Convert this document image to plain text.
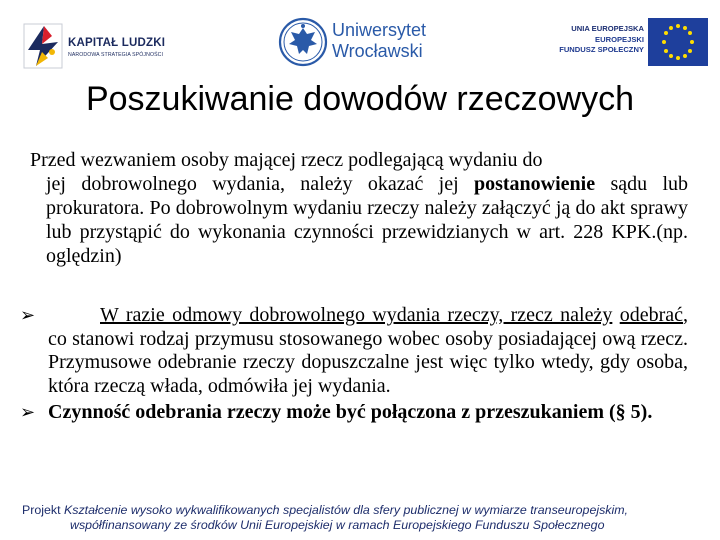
KAPITAŁ LUDZKI
NARODOWA STRATEGIA SPÓJNOŚCI
Uniwersytet
Wrocławski
UNIA EUROPEJSKA
EUROPEJSKI
FUNDUSZ SPOŁECZNY
Poszukiwanie dowodów rzeczowych
Przed wezwaniem osoby mającej rzecz podlegającą wydaniu do
jej dobrowolnego wydania, należy okazać jej postanowienie sądu lub prokuratora. Po dobrowolnym wydaniu rzeczy należy załączyć ją do akt sprawy lub przystąpić do wykonania czynności przewidzianych w art. 228 KPK.(np. oględzin)
➢	W razie odmowy dobrowolnego wydania rzeczy, rzecz należy odebrać, co stanowi rodzaj przymusu stosowanego wobec osoby posiadającej ową rzecz. Przymusowe odebranie rzeczy dopuszczalne jest więc tylko wtedy, gdy osoba, która rzeczą włada, odmówiła jej wydania.
➢ Czynność odebrania rzeczy może być połączona z przeszukaniem (§ 5).
Projekt Kształcenie wysoko wykwalifikowanych specjalistów dla sfery publicznej w wymiarze transeuropejskim,
współfinansowany ze środków Unii Europejskiej w ramach Europejskiego Funduszu Społecznego
